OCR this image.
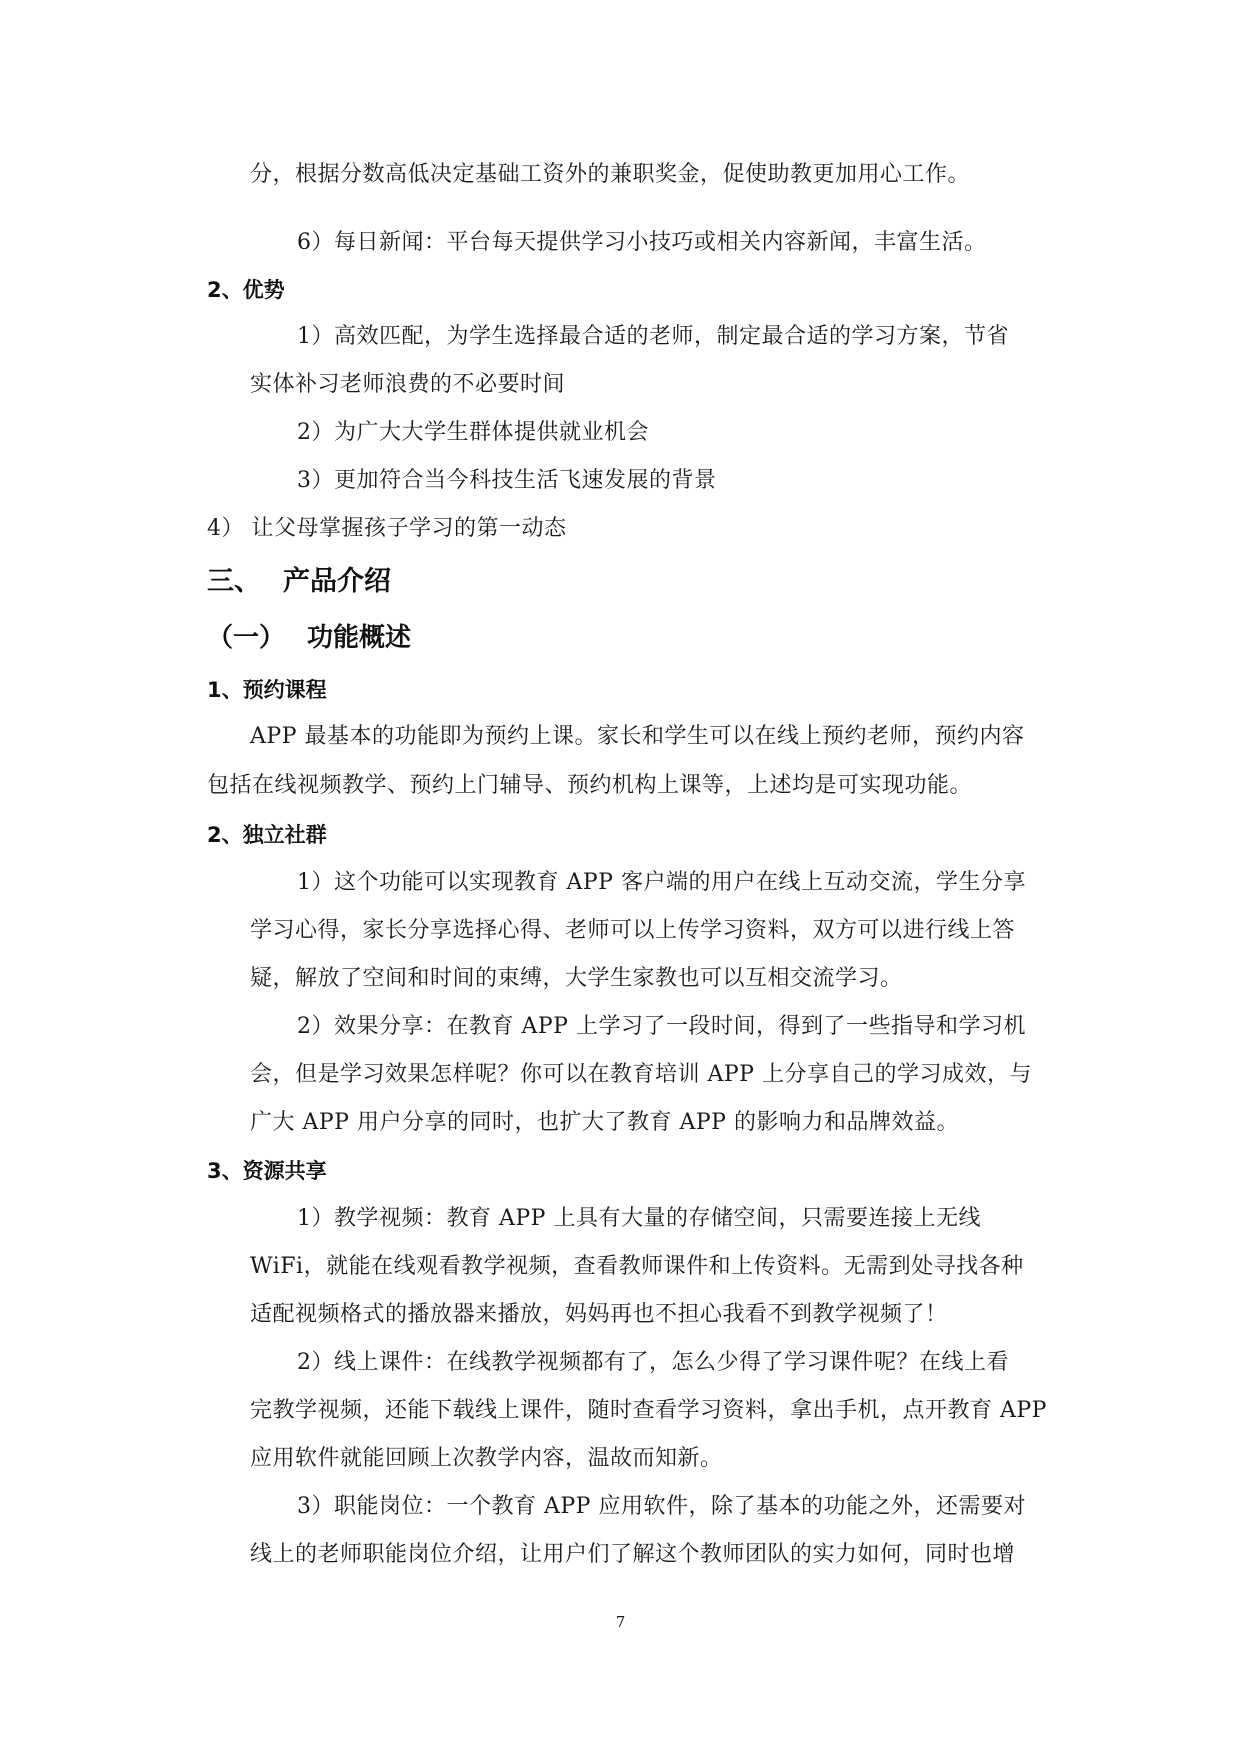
分，根据分数高低决定基础工资外的兼职奖金，促使助教更加用心工作。
6）每日新闻：平台每天提供学习小技巧或相关内容新闻，丰富生活。
2、优势
1）高效匹配，为学生选择最合适的老师，制定最合适的学习方案，节省
实体补习老师浪费的不必要时间
2）为广大大学生群体提供就业机会
3）更加符合当今科技生活飞速发展的背景
4） 让父母掌握孩子学习的第一动态
三、 产品介绍
（一） 功能概述
1、预约课程
APP 最基本的功能即为预约上课。家长和学生可以在线上预约老师，预约内容
包括在线视频教学、预约上门辅导、预约机构上课等，上述均是可实现功能。
2、独立社群
1）这个功能可以实现教育 APP 客户端的用户在线上互动交流，学生分享
学习心得，家长分享选择心得、老师可以上传学习资料，双方可以进行线上答
疑，解放了空间和时间的束缚，大学生家教也可以互相交流学习。
2）效果分享：在教育 APP 上学习了一段时间，得到了一些指导和学习机
会，但是学习效果怎样呢？你可以在教育培训 APP 上分享自己的学习成效，与
广大 APP 用户分享的同时，也扩大了教育 APP 的影响力和品牌效益。
3、资源共享
1）教学视频：教育 APP 上具有大量的存储空间，只需要连接上无线
WiFi，就能在线观看教学视频，查看教师课件和上传资料。无需到处寻找各种
适配视频格式的播放器来播放，妈妈再也不担心我看不到教学视频了！
2）线上课件：在线教学视频都有了，怎么少得了学习课件呢？在线上看
完教学视频，还能下载线上课件，随时查看学习资料，拿出手机，点开教育 APP
应用软件就能回顾上次教学内容，温故而知新。
3）职能岗位：一个教育 APP 应用软件，除了基本的功能之外，还需要对
线上的老师职能岗位介绍，让用户们了解这个教师团队的实力如何，同时也增
7
